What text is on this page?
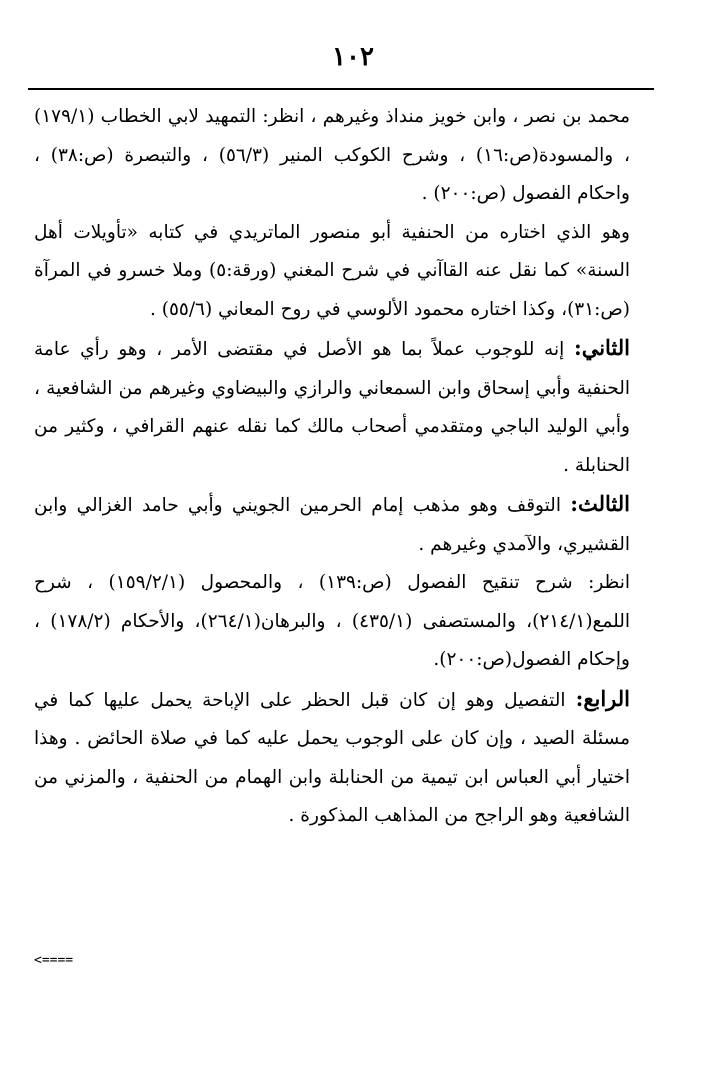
١٠٢

محمد بن نصر ، وابن خويز منداذ وغيرهم ، انظر: التمهيد لابي الخطاب (١٧٩/١) ، والمسودة(ص:١٦) ، وشرح الكوكب المنير (٥٦/٣) ، والتبصرة (ص:٣٨) ، واحكام الفصول (ص:٢٠٠) .

وهو الذي اختاره من الحنفية أبو منصور الماتريدي في كتابه «تأويلات أهل السنة» كما نقل عنه القاآني في شرح المغني (ورقة:٥) وملا خسرو في المرآة (ص:٣١)، وكذا اختاره محمود الألوسي في روح المعاني (٥٥/٦) .

الثاني: إنه للوجوب عملاً بما هو الأصل في مقتضى الأمر ، وهو رأي عامة الحنفية وأبي إسحاق وابن السمعاني والرازي والبيضاوي وغيرهم من الشافعية ، وأبي الوليد الباجي ومتقدمي أصحاب مالك كما نقله عنهم القرافي ، وكثير من الحنابلة .

الثالث: التوقف وهو مذهب إمام الحرمين الجويني وأبي حامد الغزالي وابن القشيري، والآمدي وغيرهم .

انظر: شرح تنقيح الفصول (ص:١٣٩) ، والمحصول (١٥٩/٢/١) ، شرح اللمع(٢١٤/١)، والمستصفى (٤٣٥/١) ، والبرهان(٢٦٤/١)، والأحكام (١٧٨/٢) ، وإحكام الفصول(ص:٢٠٠).

الرابع: التفصيل وهو إن كان قبل الحظر على الإباحة يحمل عليها كما في مسئلة الصيد ، وإن كان على الوجوب يحمل عليه كما في صلاة الحائض . وهذا اختيار أبي العباس ابن تيمية من الحنابلة وابن الهمام من الحنفية ، والمزني من الشافعية وهو الراجح من المذاهب المذكورة .

<====
